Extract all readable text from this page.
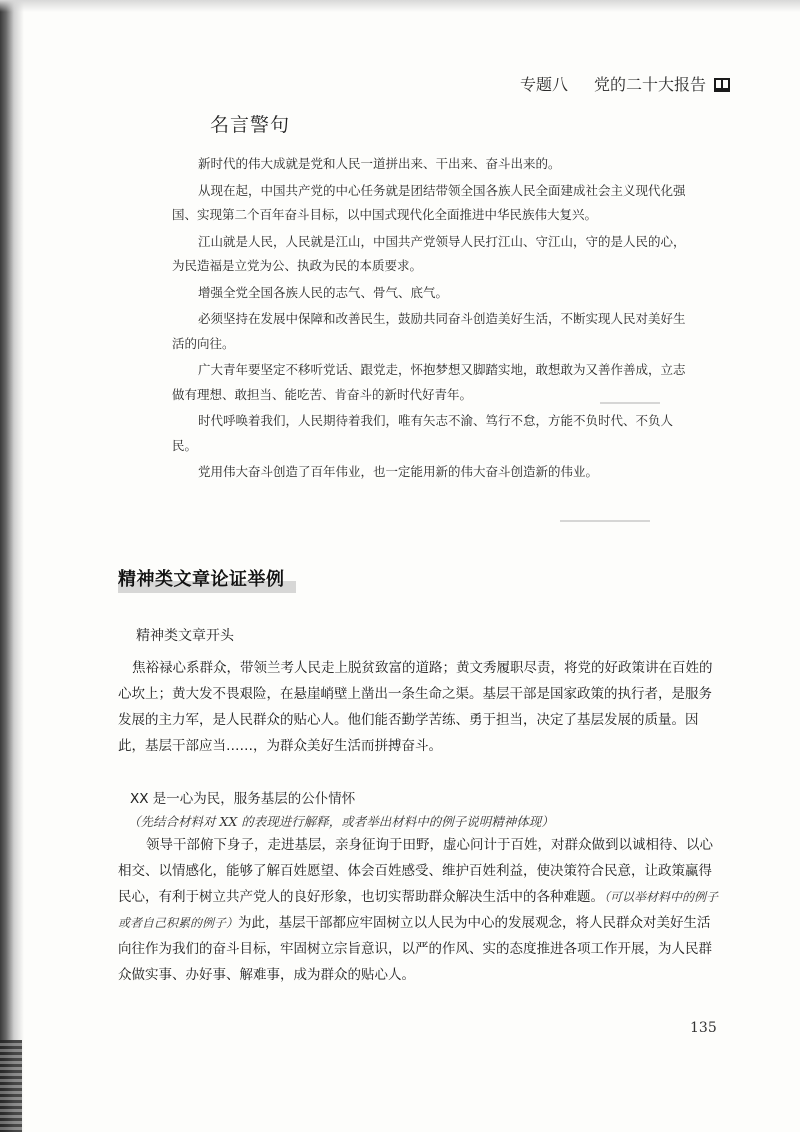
专题八 党的二十大报告
名言警句

新时代的伟大成就是党和人民一道拼出来、干出来、奋斗出来的。

从现在起，中国共产党的中心任务就是团结带领全国各族人民全面建成社会主义现代化强国、实现第二个百年奋斗目标，以中国式现代化全面推进中华民族伟大复兴。

江山就是人民，人民就是江山，中国共产党领导人民打江山、守江山，守的是人民的心，为民造福是立党为公、执政为民的本质要求。

增强全党全国各族人民的志气、骨气、底气。

必须坚持在发展中保障和改善民生，鼓励共同奋斗创造美好生活，不断实现人民对美好生活的向往。

广大青年要坚定不移听党话、跟党走，怀抱梦想又脚踏实地，敢想敢为又善作善成，立志做有理想、敢担当、能吃苦、肯奋斗的新时代好青年。

时代呼唤着我们，人民期待着我们，唯有矢志不渝、笃行不怠，方能不负时代、不负人民。

党用伟大奋斗创造了百年伟业，也一定能用新的伟大奋斗创造新的伟业。

精神类文章论证举例
精神类文章开头
焦裕禄心系群众，带领兰考人民走上脱贫致富的道路；黄文秀履职尽责，将党的好政策讲在百姓的心坎上；黄大发不畏艰险，在悬崖峭壁上凿出一条生命之渠。基层干部是国家政策的执行者，是服务发展的主力军，是人民群众的贴心人。他们能否勤学苦练、勇于担当，决定了基层发展的质量。因此，基层干部应当……，为群众美好生活而拼搏奋斗。
XX 是一心为民，服务基层的公仆情怀
（先结合材料对 XX 的表现进行解释，或者举出材料中的例子说明精神体现）
领导干部俯下身子，走进基层，亲身征询于田野，虚心问计于百姓，对群众做到以诚相待、以心相交、以情感化，能够了解百姓愿望、体会百姓感受、维护百姓利益，使决策符合民意，让政策赢得民心，有利于树立共产党人的良好形象，也切实帮助群众解决生活中的各种难题。（可以举材料中的例子或者自己积累的例子）为此，基层干部都应牢固树立以人民为中心的发展观念，将人民群众对美好生活向往作为我们的奋斗目标，牢固树立宗旨意识，以严的作风、实的态度推进各项工作开展，为人民群众做实事、办好事、解难事，成为群众的贴心人。
135
